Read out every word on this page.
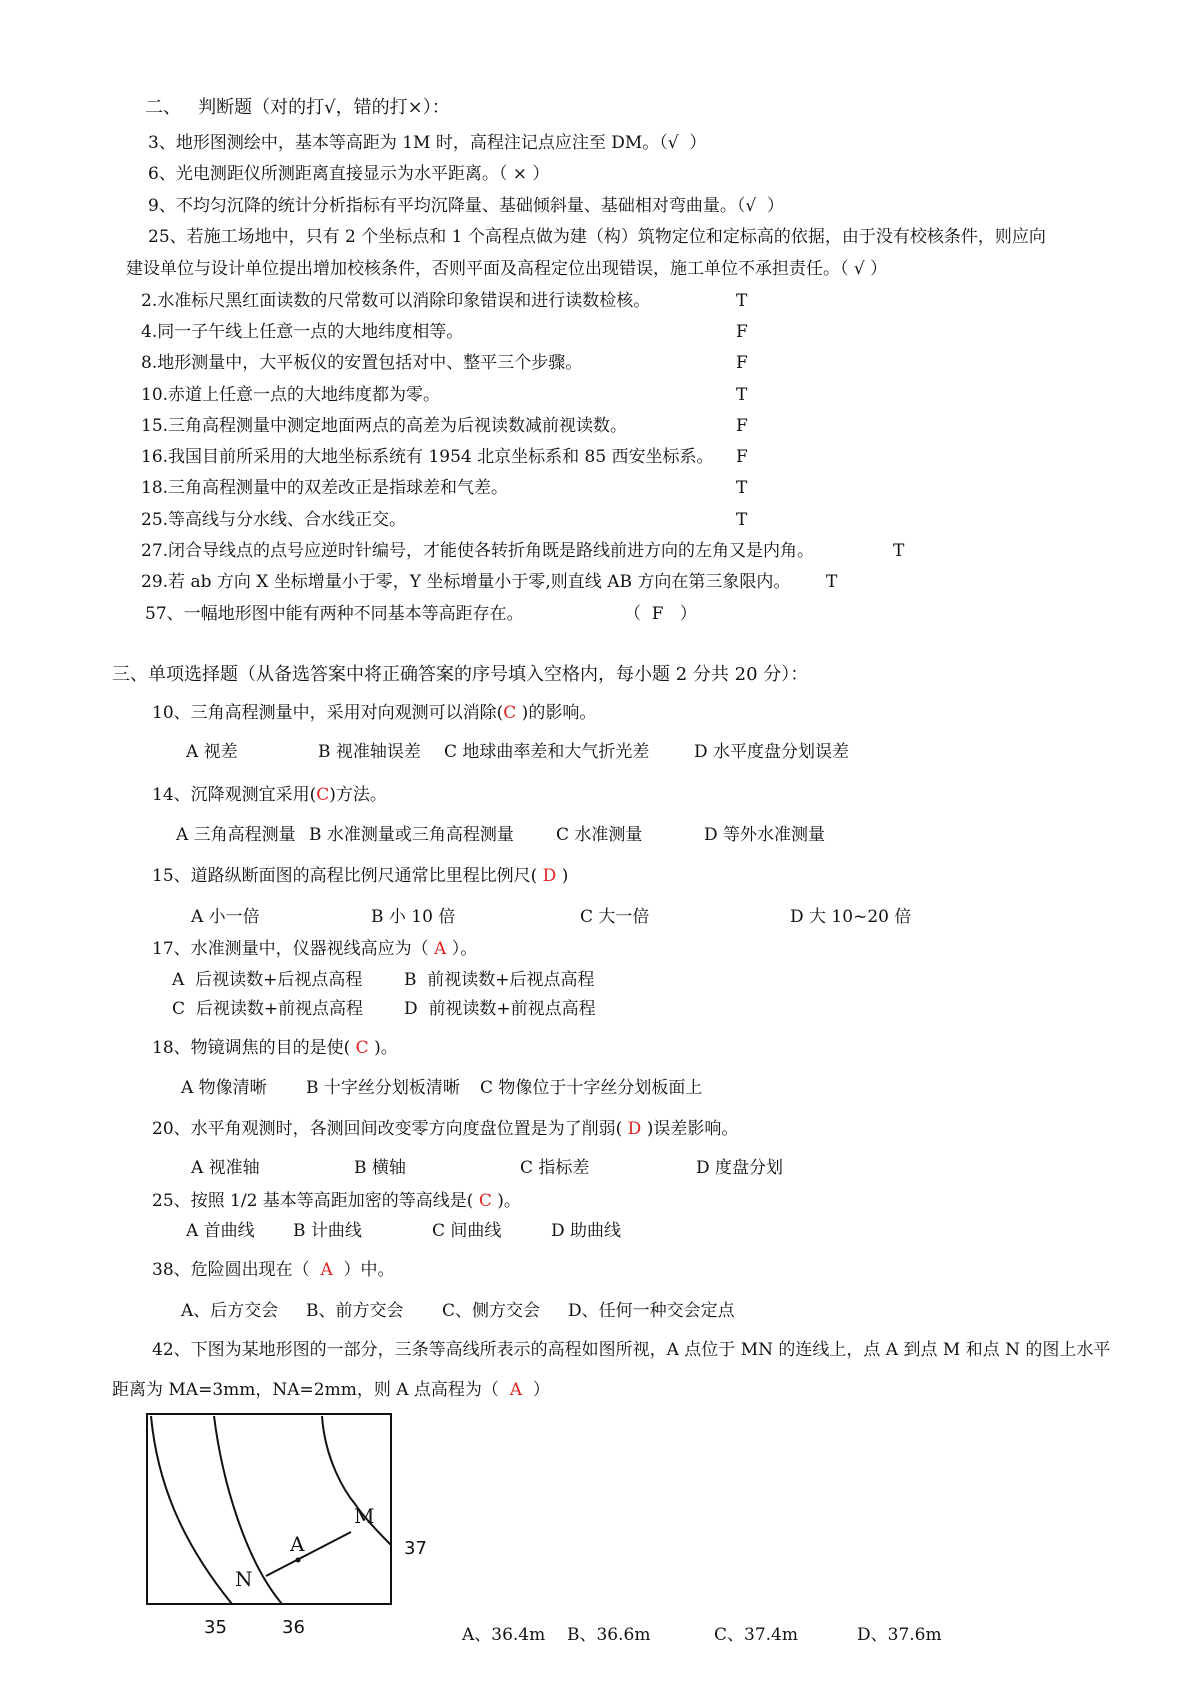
二、   判断题（对的打√，错的打×）：
3、地形图测绘中，基本等高距为 1M 时，高程注记点应注至 DM。（√  ）
6、光电测距仪所测距离直接显示为水平距离。（ × ）
9、不均匀沉降的统计分析指标有平均沉降量、基础倾斜量、基础相对弯曲量。（√  ）
25、若施工场地中，只有 2 个坐标点和 1 个高程点做为建（构）筑物定位和定标高的依据，由于没有校核条件，则应向
建设单位与设计单位提出增加校核条件，否则平面及高程定位出现错误，施工单位不承担责任。（ √ ）
2.水准标尺黑红面读数的尺常数可以消除印象错误和进行读数检核。	T
4.同一子午线上任意一点的大地纬度相等。	F
8.地形测量中，大平板仪的安置包括对中、整平三个步骤。	F
10.赤道上任意一点的大地纬度都为零。	T
15.三角高程测量中测定地面两点的高差为后视读数减前视读数。	F
16.我国目前所采用的大地坐标系统有 1954 北京坐标系和 85 西安坐标系。 F
18.三角高程测量中的双差改正是指球差和气差。	T
25.等高线与分水线、合水线正交。	T
27.闭合导线点的点号应逆时针编号，才能使各转折角既是路线前进方向的左角又是内角。	T
29.若 ab 方向 X 坐标增量小于零，Y 坐标增量小于零,则直线 AB 方向在第三象限内。 T
57、一幅地形图中能有两种不同基本等高距存在。	（  F   ）
三、单项选择题（从备选答案中将正确答案的序号填入空格内，每小题 2 分共 20 分）：
10、三角高程测量中，采用对向观测可以消除(C )的影响。
A 视差	B 视准轴误差 C 地球曲率差和大气折光差	D 水平度盘分划误差
14、沉降观测宜采用(C)方法。
A 三角高程测量 B 水准测量或三角高程测量 C 水准测量	D 等外水准测量
15、道路纵断面图的高程比例尺通常比里程比例尺( D )
A 小一倍	B 小 10 倍	C 大一倍	D 大 10~20 倍
17、水准测量中，仪器视线高应为（ A ）。
A  后视读数+后视点高程 B  前视读数+后视点高程
C  后视读数+前视点高程 D  前视读数+前视点高程
18、物镜调焦的目的是使( C )。
A 物像清晰 B 十字丝分划板清晰 C 物像位于十字丝分划板面上
20、水平角观测时，各测回间改变零方向度盘位置是为了削弱( D )误差影响。
A 视准轴	B 横轴	C 指标差	D 度盘分划
25、按照 1/2 基本等高距加密的等高线是( C )。
A 首曲线 B 计曲线	C 间曲线	D 助曲线
38、危险圆出现在（  A  ）中。
A、后方交会 B、前方交会 C、侧方交会 D、任何一种交会定点
42、下图为某地形图的一部分，三条等高线所表示的高程如图所视，A 点位于 MN 的连线上，点 A 到点 M 和点 N 的图上水平
距离为 MA=3mm，NA=2mm，则 A 点高程为（  A  ）
A
M
N
35	36
37
A、36.4m B、36.6m	C、37.4m	D、37.6m
